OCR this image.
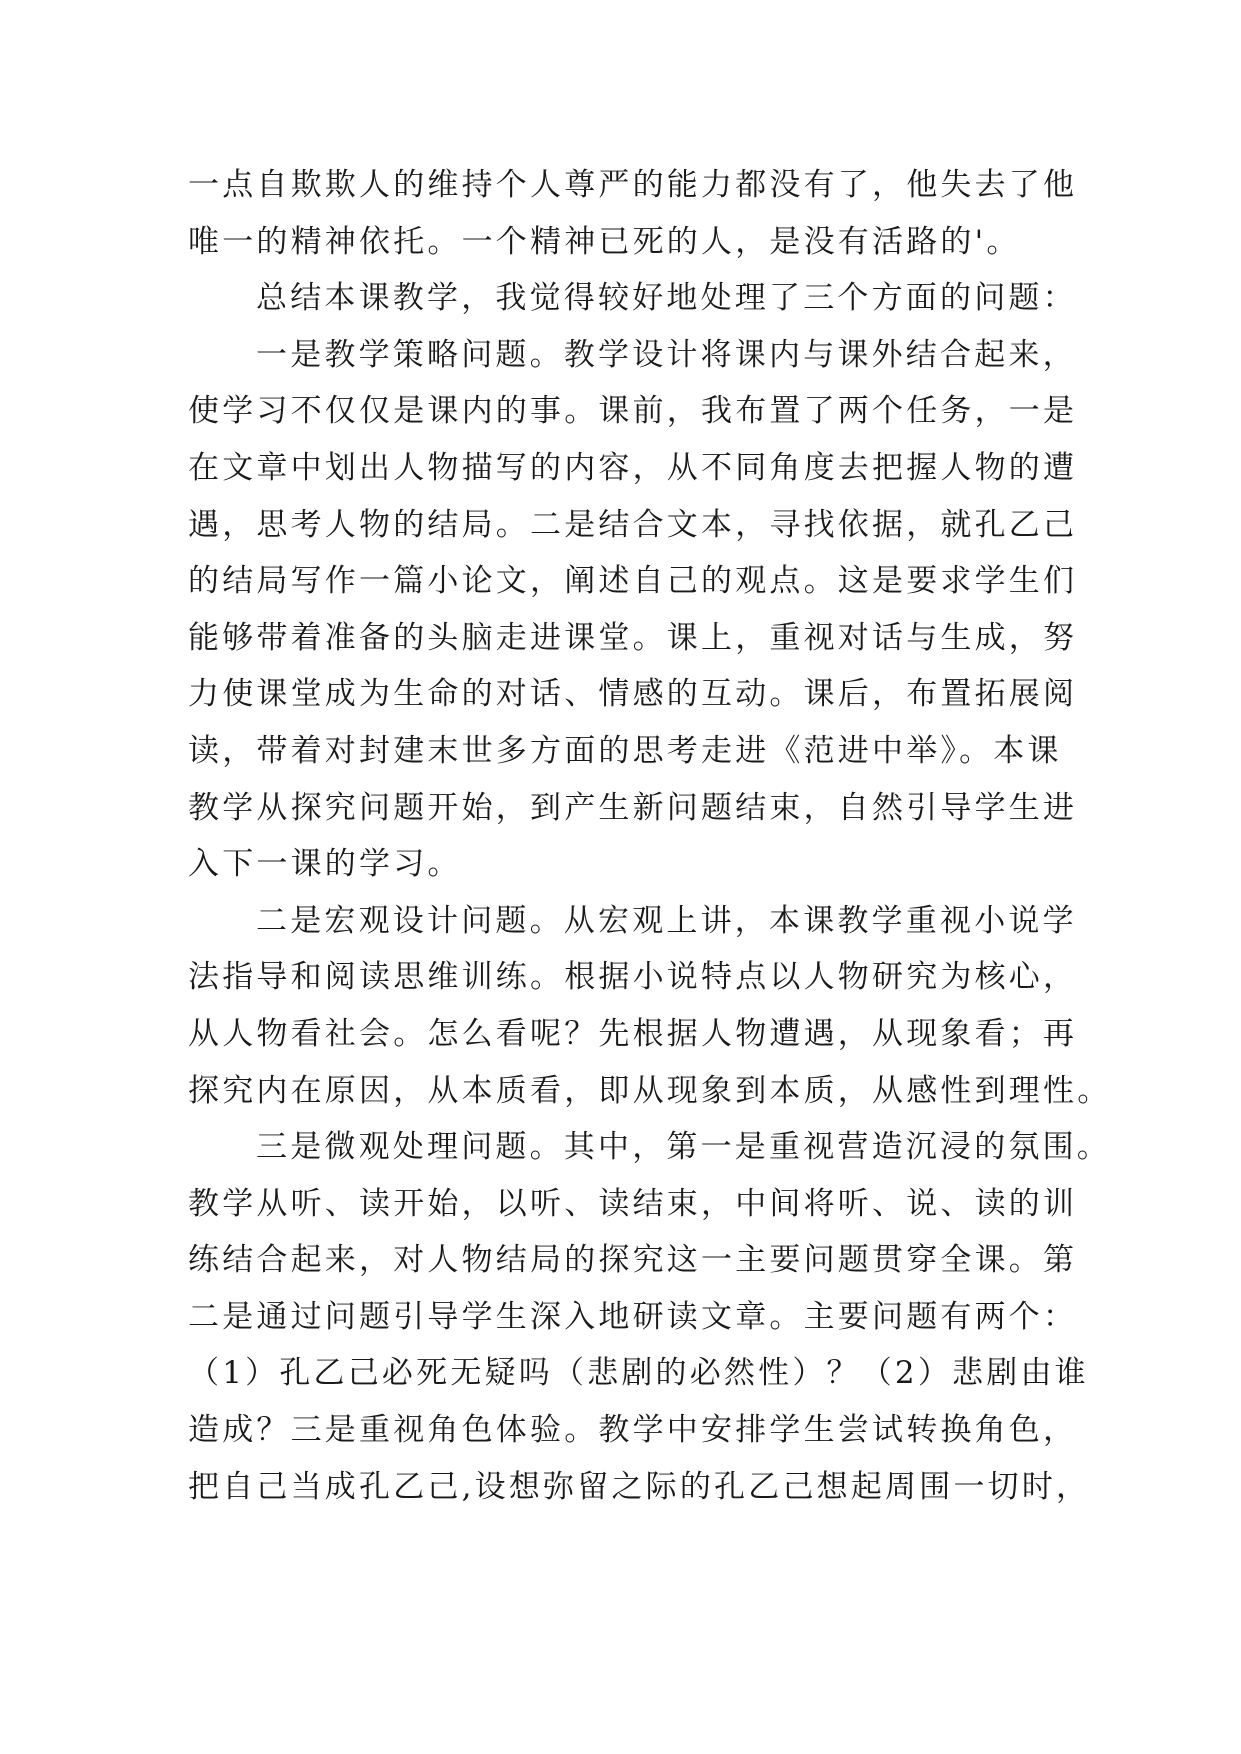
一点自欺欺人的维持个人尊严的能力都没有了，他失去了他
唯一的精神依托。一个精神已死的人，是没有活路的'。
总结本课教学，我觉得较好地处理了三个方面的问题：
一是教学策略问题。教学设计将课内与课外结合起来，
使学习不仅仅是课内的事。课前，我布置了两个任务，一是
在文章中划出人物描写的内容，从不同角度去把握人物的遭
遇，思考人物的结局。二是结合文本，寻找依据，就孔乙己
的结局写作一篇小论文，阐述自己的观点。这是要求学生们
能够带着准备的头脑走进课堂。课上，重视对话与生成，努
力使课堂成为生命的对话、情感的互动。课后，布置拓展阅
读，带着对封建末世多方面的思考走进《范进中举》。本课
教学从探究问题开始，到产生新问题结束，自然引导学生进
入下一课的学习。
二是宏观设计问题。从宏观上讲，本课教学重视小说学
法指导和阅读思维训练。根据小说特点以人物研究为核心，
从人物看社会。怎么看呢？先根据人物遭遇，从现象看；再
探究内在原因，从本质看，即从现象到本质，从感性到理性。
三是微观处理问题。其中，第一是重视营造沉浸的氛围。
教学从听、读开始，以听、读结束，中间将听、说、读的训
练结合起来，对人物结局的探究这一主要问题贯穿全课。第
二是通过问题引导学生深入地研读文章。主要问题有两个：
（1）孔乙己必死无疑吗（悲剧的必然性）？（2）悲剧由谁
造成？三是重视角色体验。教学中安排学生尝试转换角色，
把自己当成孔乙己,设想弥留之际的孔乙己想起周围一切时，
